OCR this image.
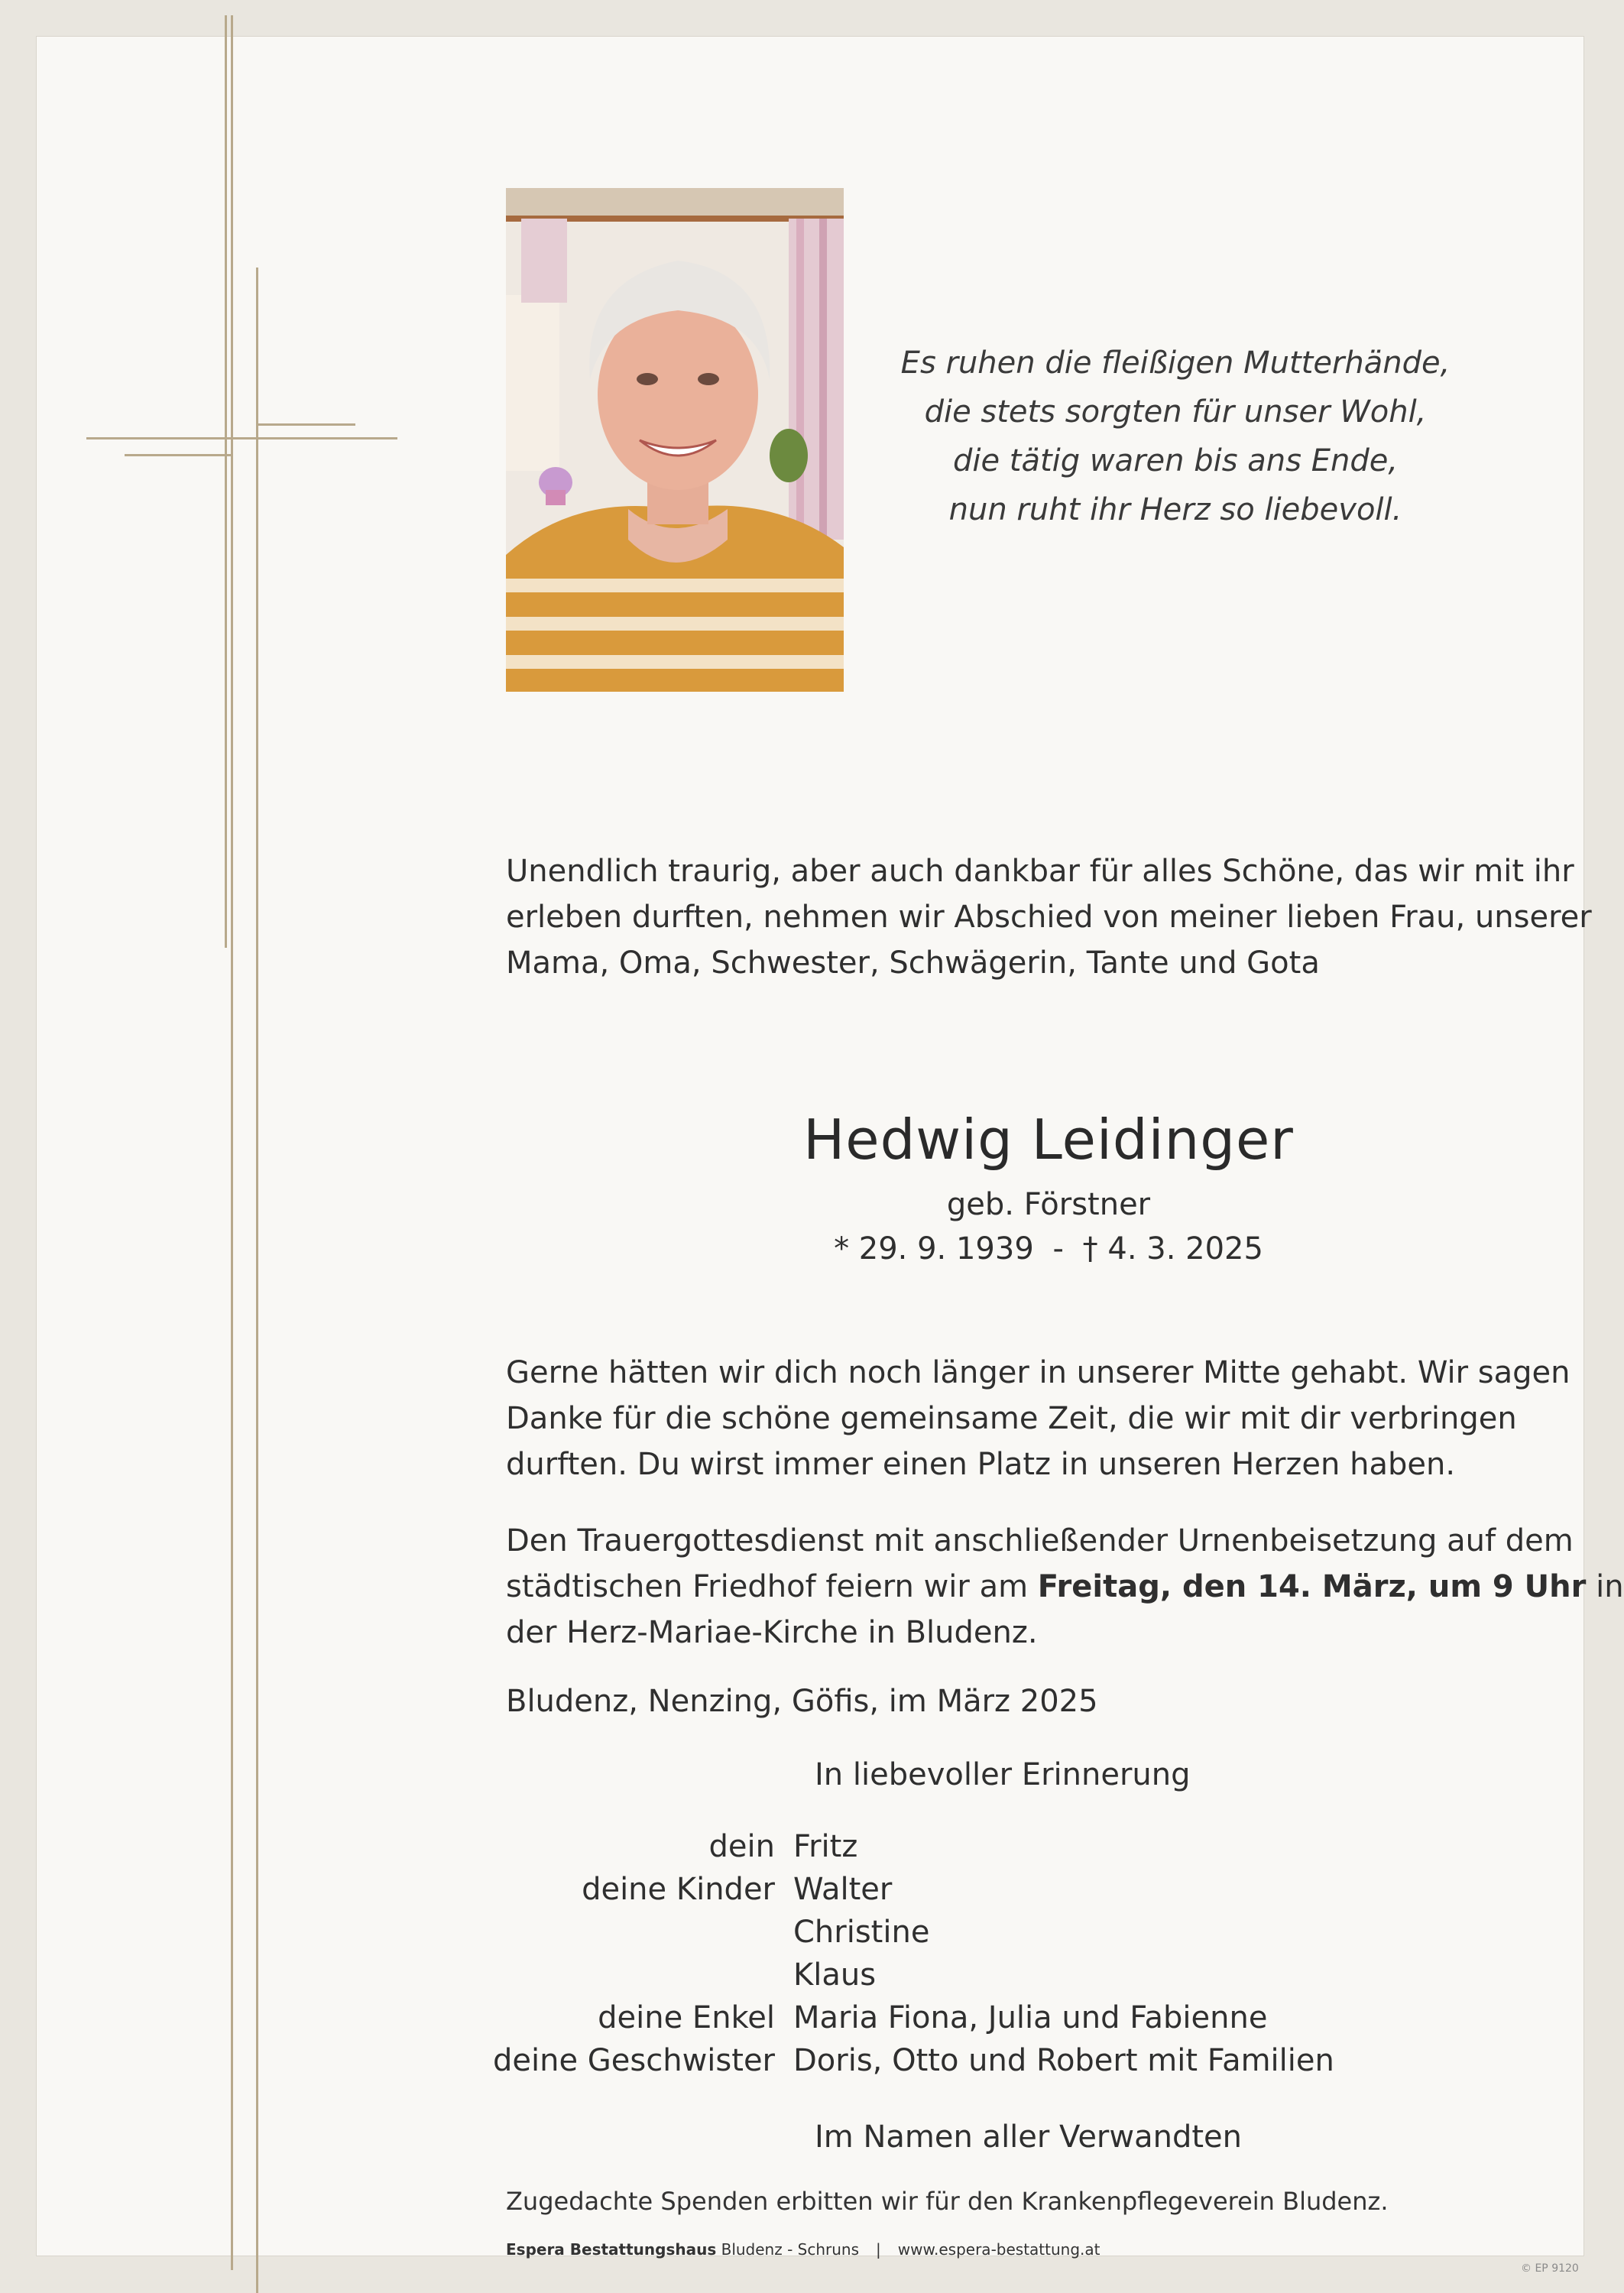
Es ruhen die fleißigen Mutterhände,
die stets sorgten für unser Wohl,
die tätig waren bis ans Ende,
nun ruht ihr Herz so liebevoll.
Unendlich traurig, aber auch dankbar für alles Schöne, das wir mit ihr
erleben durften, nehmen wir Abschied von meiner lieben Frau, unserer
Mama, Oma, Schwester, Schwägerin, Tante und Gota
Hedwig Leidinger
geb. Förstner
* 29. 9. 1939 - † 4. 3. 2025
Gerne hätten wir dich noch länger in unserer Mitte gehabt. Wir sagen
Danke für die schöne gemeinsame Zeit, die wir mit dir verbringen
durften. Du wirst immer einen Platz in unseren Herzen haben.
Den Trauergottesdienst mit anschließender Urnenbeisetzung auf dem
städtischen Friedhof feiern wir am Freitag, den 14. März, um 9 Uhr in
der Herz-Mariae-Kirche in Bludenz.
Bludenz, Nenzing, Göfis, im März 2025
In liebevoller Erinnerung
dein Fritz
deine Kinder Walter
Christine
Klaus
deine Enkel Maria Fiona, Julia und Fabienne
deine Geschwister Doris, Otto und Robert mit Familien
Im Namen aller Verwandten
Zugedachte Spenden erbitten wir für den Krankenpflegeverein Bludenz.
Espera Bestattungshaus Bludenz - Schruns | www.espera-bestattung.at
© EP 9120
